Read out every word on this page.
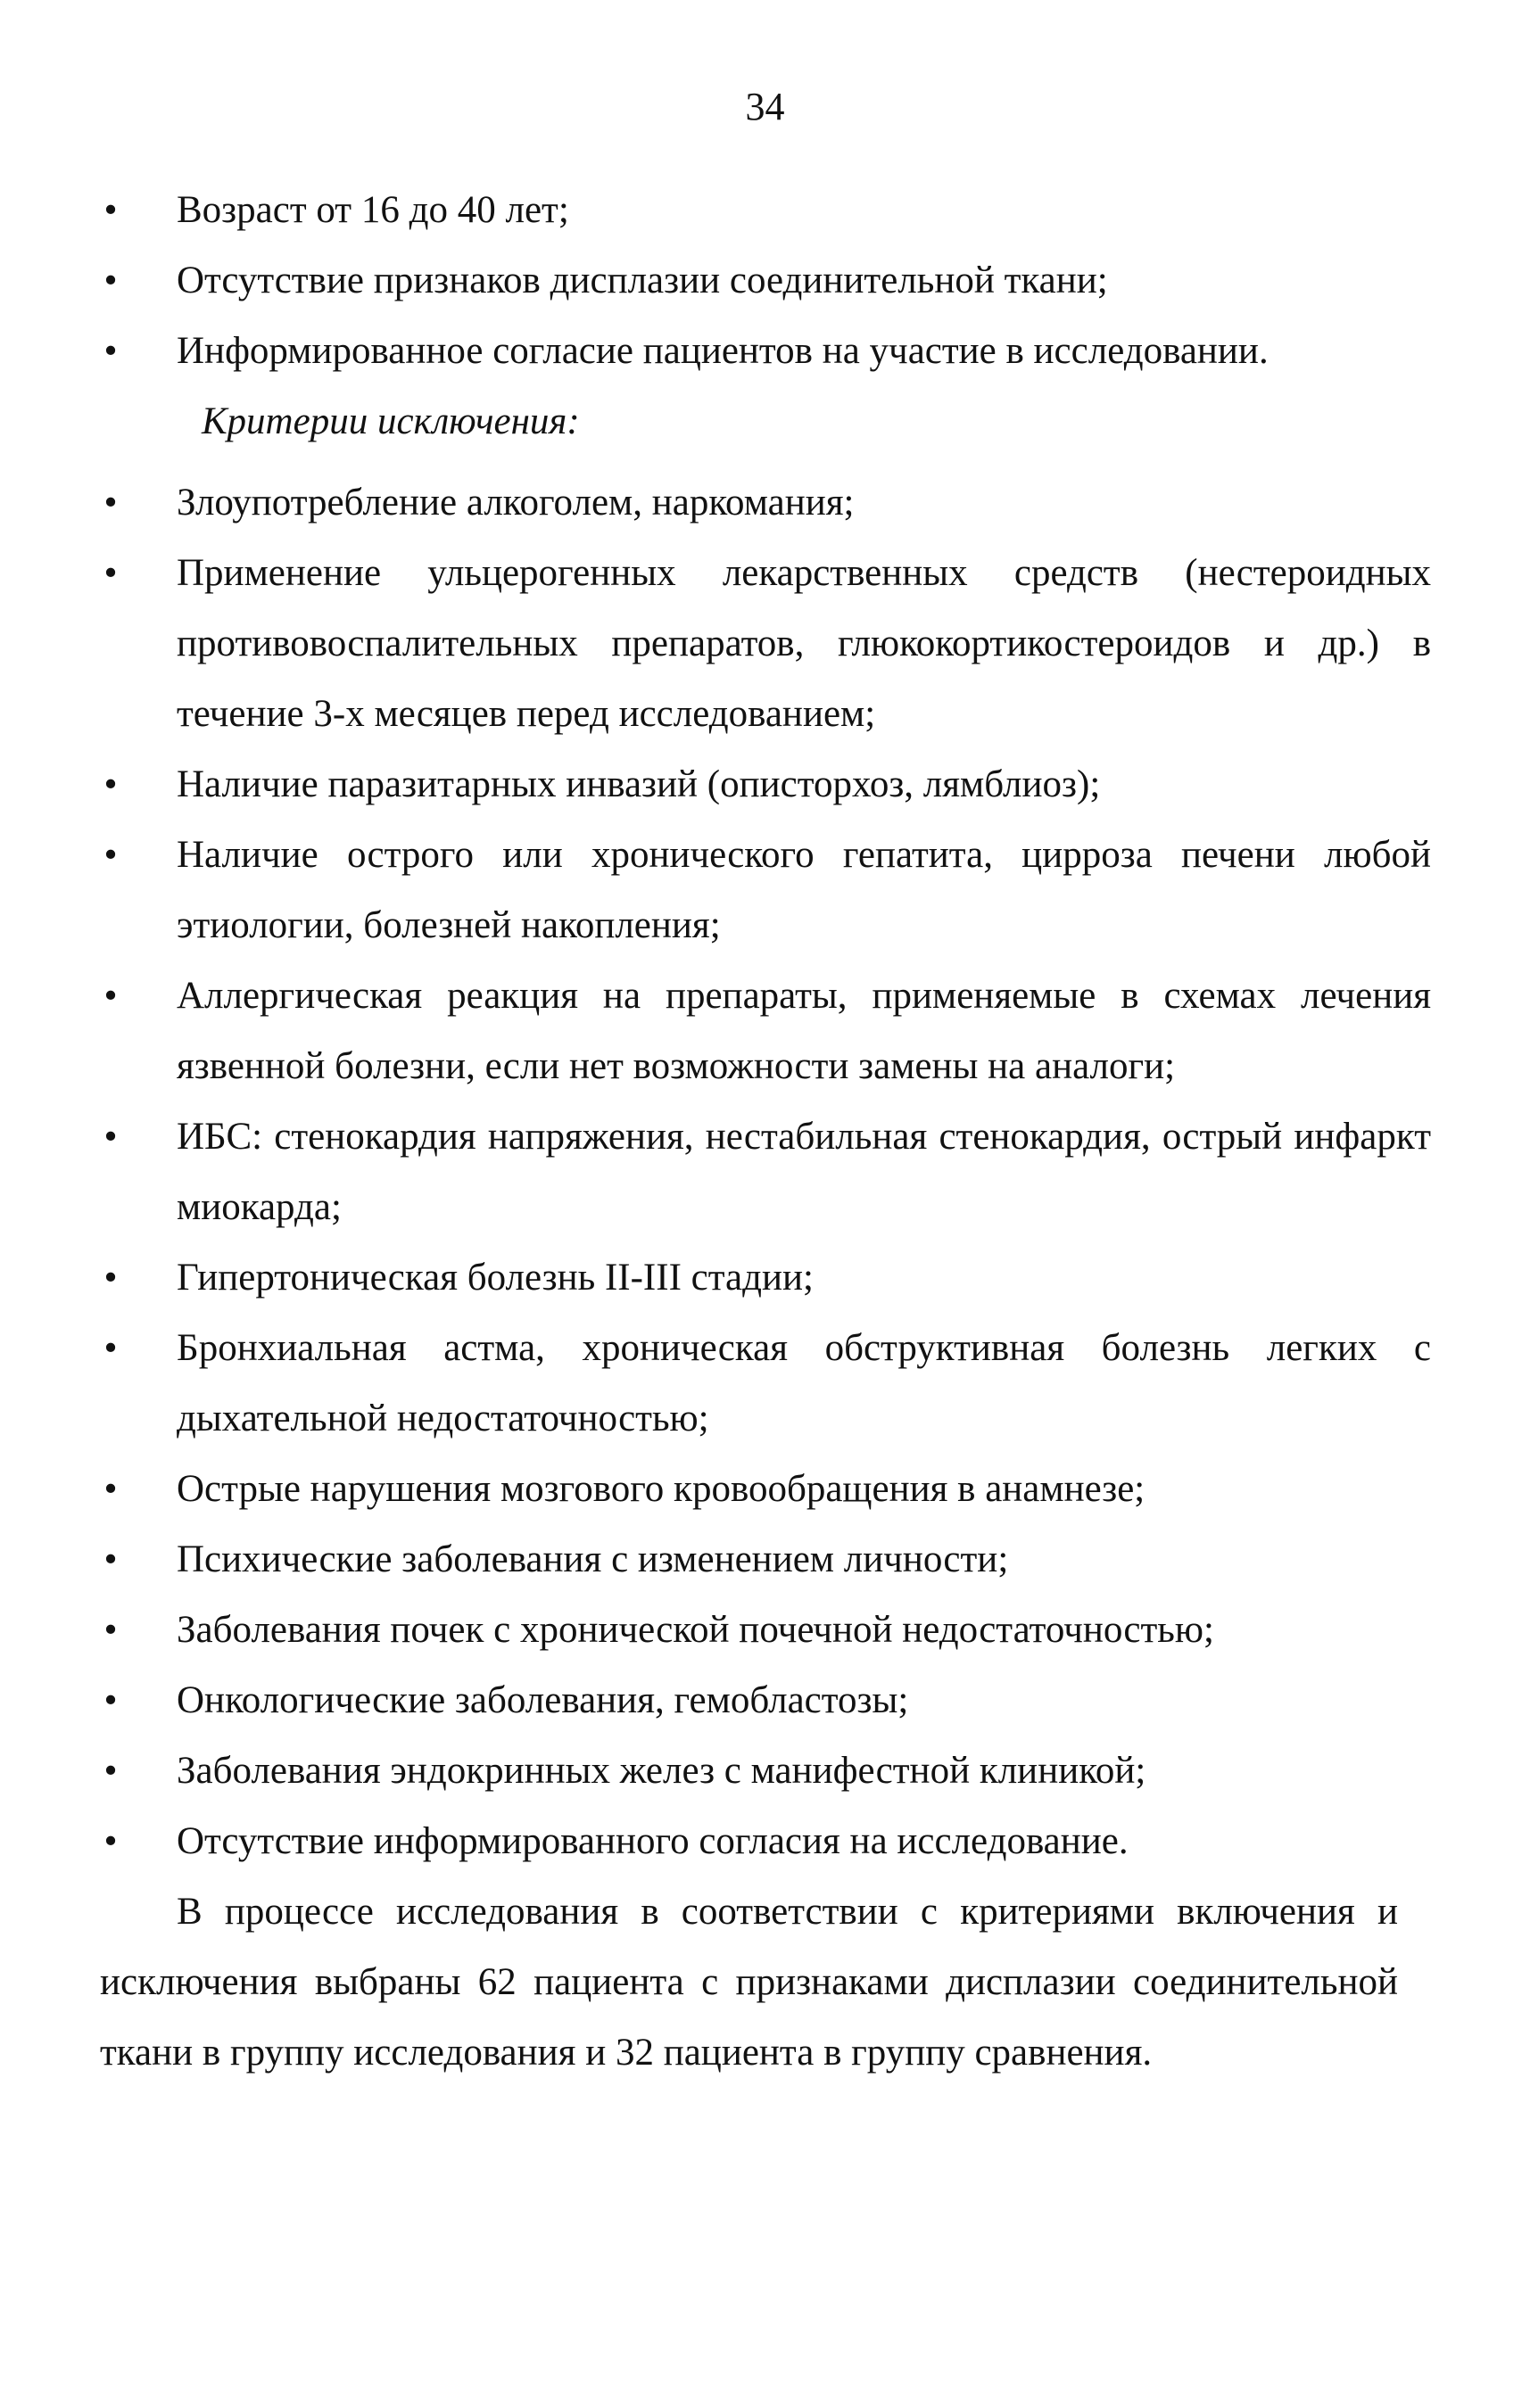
34
• Возраст от 16 до 40 лет;
• Отсутствие признаков дисплазии соединительной ткани;
• Информированное согласие пациентов на участие в исследовании.

Критерии исключения:

• Злоупотребление алкоголем, наркомания;
• Применение ульцерогенных лекарственных средств (нестероидных противовоспалительных препаратов, глюкокортикостероидов и др.) в течение 3-х месяцев перед исследованием;
• Наличие паразитарных инвазий (описторхоз, лямблиоз);
• Наличие острого или хронического гепатита, цирроза печени любой этиологии, болезней накопления;
• Аллергическая реакция на препараты, применяемые в схемах лечения язвенной болезни, если нет возможности замены на аналоги;
• ИБС: стенокардия напряжения, нестабильная стенокардия, острый инфаркт миокарда;
• Гипертоническая болезнь II-III стадии;
• Бронхиальная астма, хроническая обструктивная болезнь легких с дыхательной недостаточностью;
• Острые нарушения мозгового кровообращения в анамнезе;
• Психические заболевания с изменением личности;
• Заболевания почек с хронической почечной недостаточностью;
• Онкологические заболевания, гемобластозы;
• Заболевания эндокринных желез с манифестной клиникой;
• Отсутствие информированного согласия на исследование.

В процессе исследования в соответствии с критериями включения и исключения выбраны 62 пациента с признаками дисплазии соединительной ткани в группу исследования и 32 пациента в группу сравнения.
